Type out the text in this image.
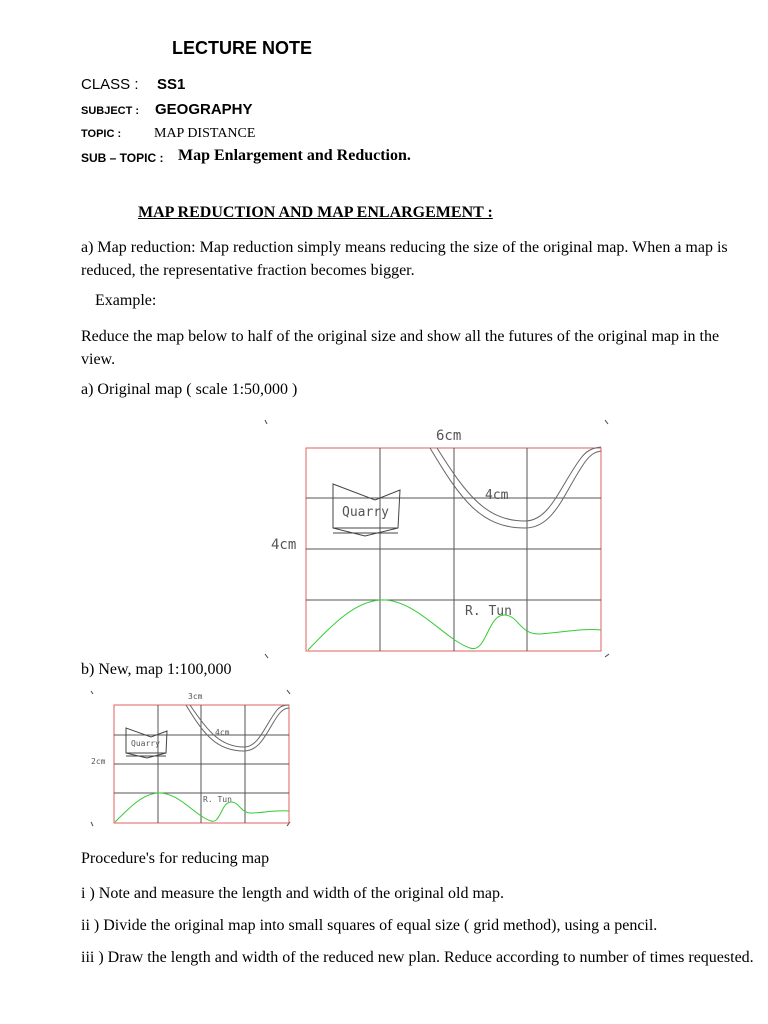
LECTURE NOTE
CLASS : SS1
SUBJECT : GEOGRAPHY
TOPIC : MAP DISTANCE
SUB – TOPIC : Map Enlargement and Reduction.
MAP REDUCTION AND MAP ENLARGEMENT :
a) Map reduction: Map reduction simply means reducing the size of the original map. When a map is reduced, the representative fraction becomes bigger.
Example:
Reduce the map below to half of the original size and show all the futures of the original map in the view.
a) Original map ( scale 1:50,000 )
Quarry
6cm
4cm
4cm
R. Tun
b) New, map 1:100,000
Quarry
3cm
2cm
4cm
R. Tun
Procedure's for reducing map
i ) Note and measure the length and width of the original old map.
ii ) Divide the original map into small squares of equal size ( grid method), using a pencil.
iii ) Draw the length and width of the reduced new plan. Reduce according to number of times requested.
